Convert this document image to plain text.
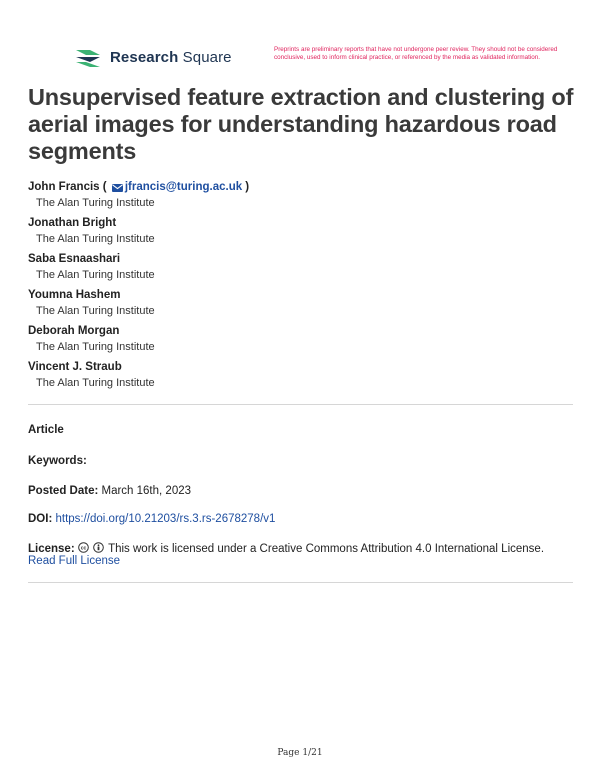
Research Square	Preprints are preliminary reports that have not undergone peer review. They should not be considered conclusive, used to inform clinical practice, or referenced by the media as validated information.
Unsupervised feature extraction and clustering of aerial images for understanding hazardous road segments
John Francis ( jfrancis@turing.ac.uk )
The Alan Turing Institute
Jonathan Bright
The Alan Turing Institute
Saba Esnaashari
The Alan Turing Institute
Youmna Hashem
The Alan Turing Institute
Deborah Morgan
The Alan Turing Institute
Vincent J. Straub
The Alan Turing Institute
Article
Keywords:
Posted Date: March 16th, 2023
DOI: https://doi.org/10.21203/rs.3.rs-2678278/v1
License: cc This work is licensed under a Creative Commons Attribution 4.0 International License.
Read Full License
Page 1/21
